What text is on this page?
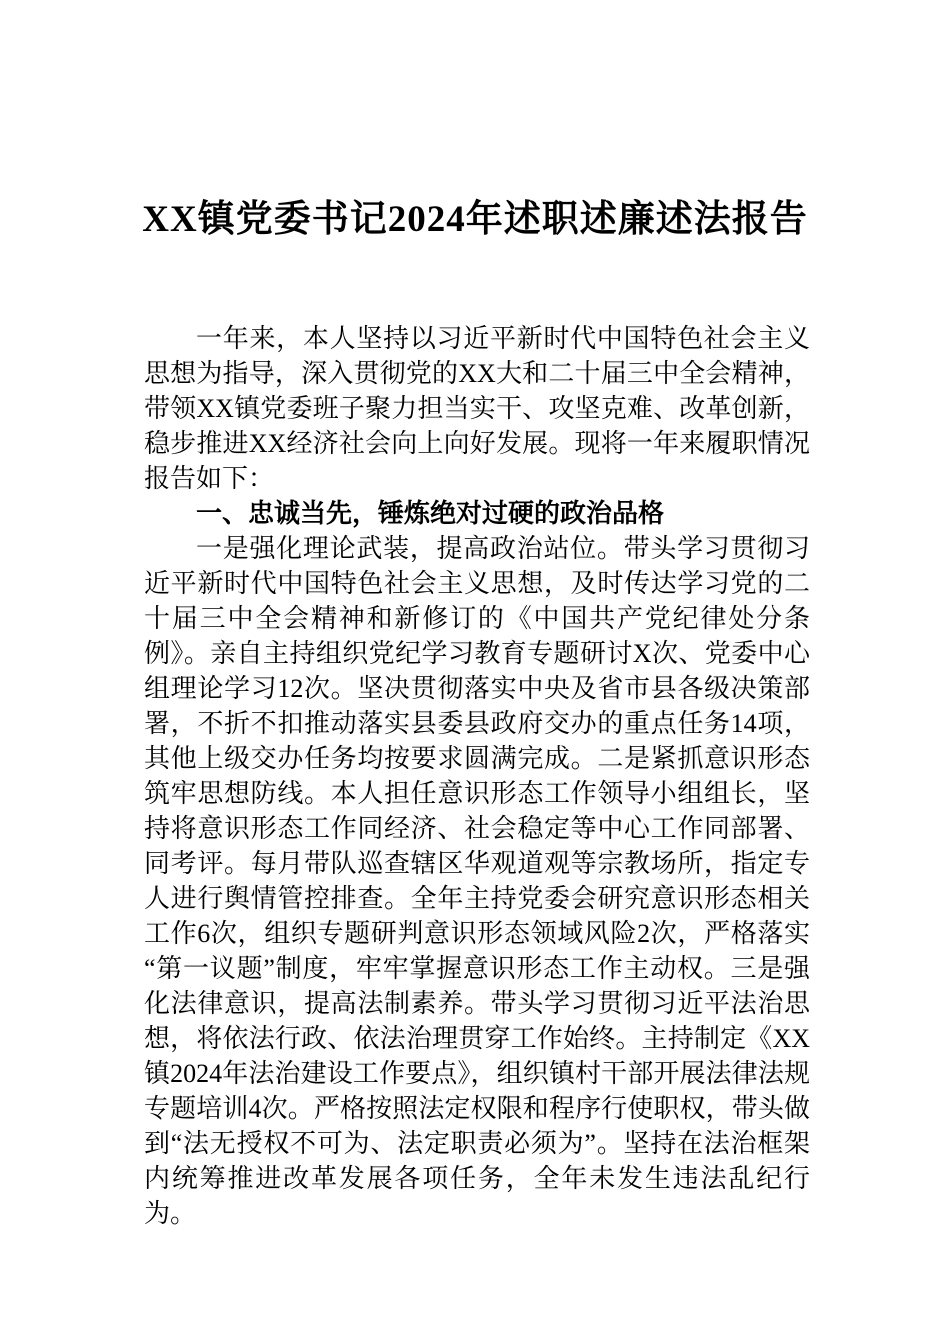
XX镇党委书记2024年述职述廉述法报告

一年来，本人坚持以习近平新时代中国特色社会主义思想为指导，深入贯彻党的XX大和二十届三中全会精神，带领XX镇党委班子聚力担当实干、攻坚克难、改革创新，稳步推进XX经济社会向上向好发展。现将一年来履职情况报告如下：

一、忠诚当先，锤炼绝对过硬的政治品格

一是强化理论武装，提高政治站位。带头学习贯彻习近平新时代中国特色社会主义思想，及时传达学习党的二十届三中全会精神和新修订的《中国共产党纪律处分条例》。亲自主持组织党纪学习教育专题研讨X次、党委中心组理论学习12次。坚决贯彻落实中央及省市县各级决策部署，不折不扣推动落实县委县政府交办的重点任务14项，其他上级交办任务均按要求圆满完成。二是紧抓意识形态筑牢思想防线。本人担任意识形态工作领导小组组长，坚持将意识形态工作同经济、社会稳定等中心工作同部署、同考评。每月带队巡查辖区华观道观等宗教场所，指定专人进行舆情管控排查。全年主持党委会研究意识形态相关工作6次，组织专题研判意识形态领域风险2次，严格落实“第一议题”制度，牢牢掌握意识形态工作主动权。三是强化法律意识，提高法制素养。带头学习贯彻习近平法治思想，将依法行政、依法治理贯穿工作始终。主持制定《XX镇2024年法治建设工作要点》，组织镇村干部开展法律法规专题培训4次。严格按照法定权限和程序行使职权，带头做到“法无授权不可为、法定职责必须为”。坚持在法治框架内统筹推进改革发展各项任务，全年未发生违法乱纪行为。
